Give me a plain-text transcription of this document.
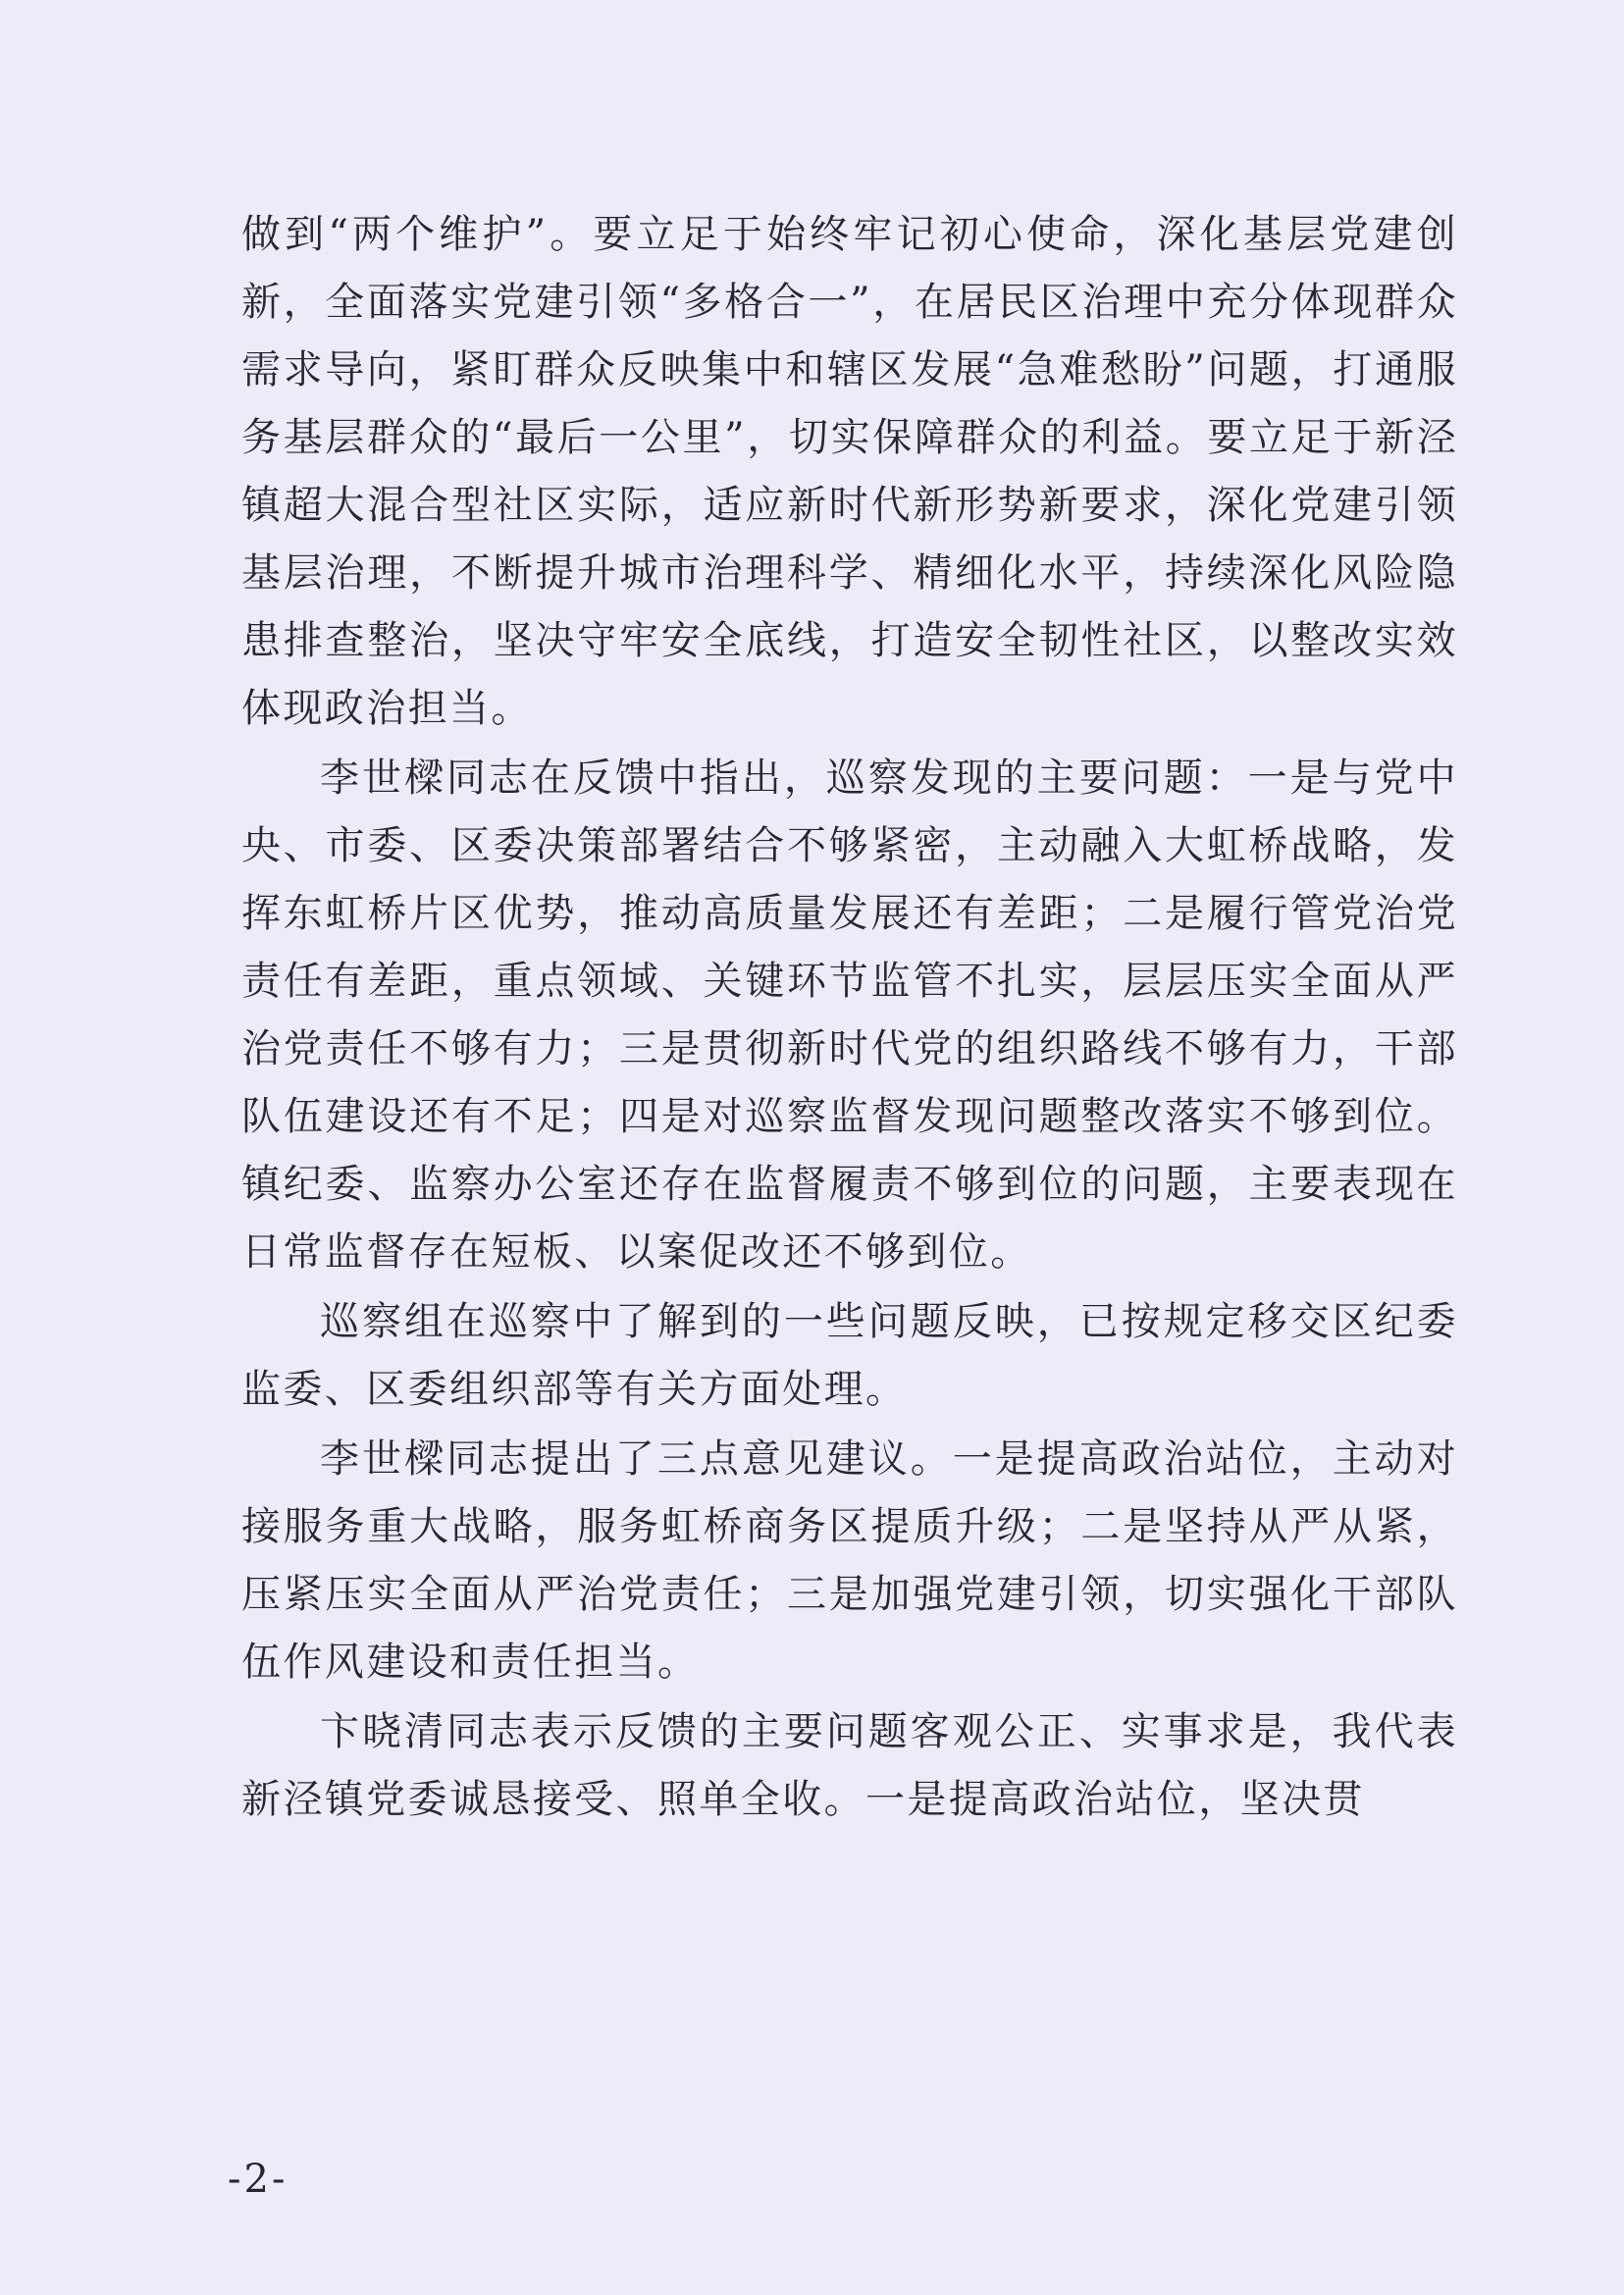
做到“两个维护”。要立足于始终牢记初心使命，深化基层党建创新，全面落实党建引领“多格合一”，在居民区治理中充分体现群众需求导向，紧盯群众反映集中和辖区发展“急难愁盼”问题，打通服务基层群众的“最后一公里”，切实保障群众的利益。要立足于新泾镇超大混合型社区实际，适应新时代新形势新要求，深化党建引领基层治理，不断提升城市治理科学、精细化水平，持续深化风险隐患排查整治，坚决守牢安全底线，打造安全韧性社区，以整改实效体现政治担当。

李世樑同志在反馈中指出，巡察发现的主要问题：一是与党中央、市委、区委决策部署结合不够紧密，主动融入大虹桥战略，发挥东虹桥片区优势，推动高质量发展还有差距；二是履行管党治党责任有差距，重点领域、关键环节监管不扎实，层层压实全面从严治党责任不够有力；三是贯彻新时代党的组织路线不够有力，干部队伍建设还有不足；四是对巡察监督发现问题整改落实不够到位。镇纪委、监察办公室还存在监督履责不够到位的问题，主要表现在日常监督存在短板、以案促改还不够到位。

巡察组在巡察中了解到的一些问题反映，已按规定移交区纪委监委、区委组织部等有关方面处理。

李世樑同志提出了三点意见建议。一是提高政治站位，主动对接服务重大战略，服务虹桥商务区提质升级；二是坚持从严从紧，压紧压实全面从严治党责任；三是加强党建引领，切实强化干部队伍作风建设和责任担当。

卞晓清同志表示反馈的主要问题客观公正、实事求是，我代表新泾镇党委诚恳接受、照单全收。一是提高政治站位，坚决贯

-2-
